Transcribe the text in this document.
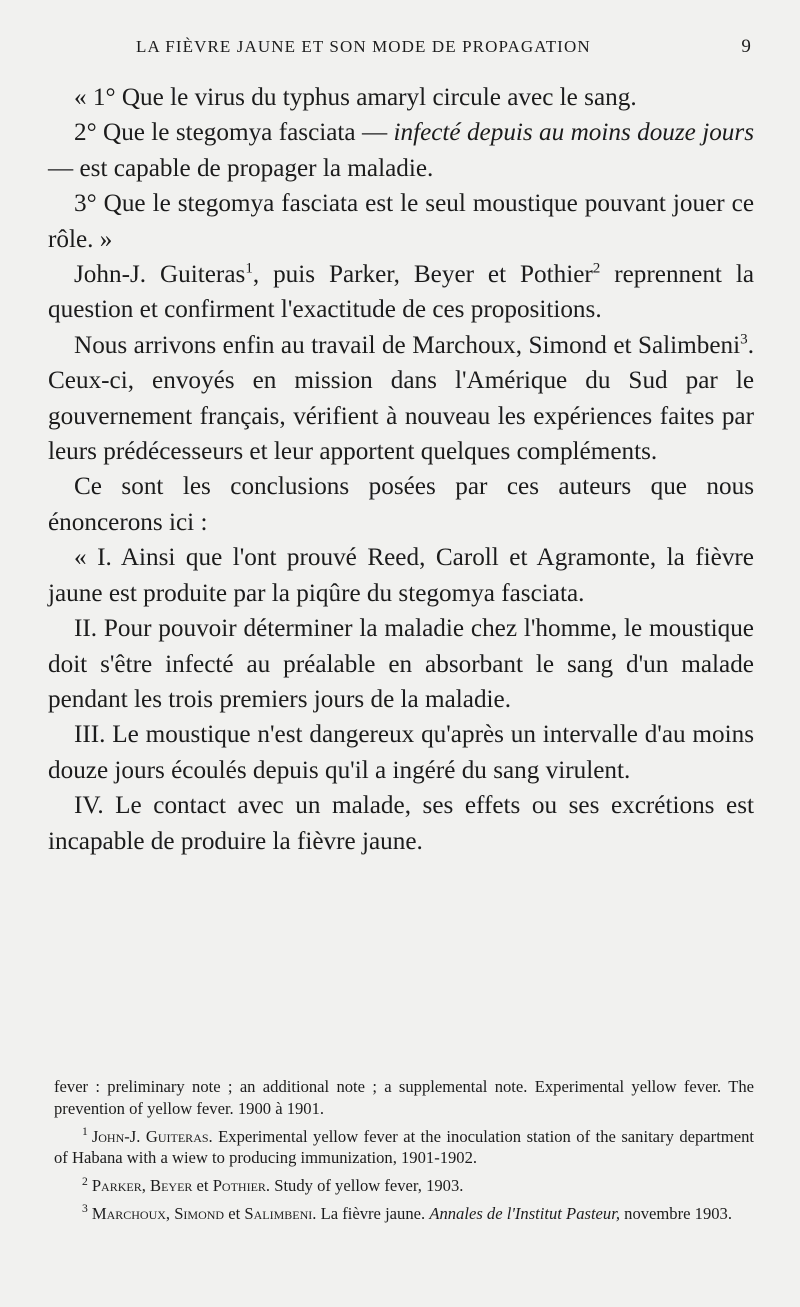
LA FIÈVRE JAUNE ET SON MODE DE PROPAGATION	9

« 1° Que le virus du typhus amaryl circule avec le sang.

2° Que le stegomya fasciata — infecté depuis au moins douze jours — est capable de propager la maladie.

3° Que le stegomya fasciata est le seul moustique pouvant jouer ce rôle. »

John-J. Guiteras$^1$, puis Parker, Beyer et Pothier$^2$ reprennent la question et confirment l'exactitude de ces propositions.

Nous arrivons enfin au travail de Marchoux, Simond et Salimbeni$^3$. Ceux-ci, envoyés en mission dans l'Amérique du Sud par le gouvernement français, vérifient à nouveau les expériences faites par leurs prédécesseurs et leur apportent quelques compléments.

Ce sont les conclusions posées par ces auteurs que nous énoncerons ici :

« I. Ainsi que l'ont prouvé Reed, Caroll et Agramonte, la fièvre jaune est produite par la piqûre du stegomya fasciata.

II. Pour pouvoir déterminer la maladie chez l'homme, le moustique doit s'être infecté au préalable en absorbant le sang d'un malade pendant les trois premiers jours de la maladie.

III. Le moustique n'est dangereux qu'après un intervalle d'au moins douze jours écoulés depuis qu'il a ingéré du sang virulent.

IV. Le contact avec un malade, ses effets ou ses excrétions est incapable de produire la fièvre jaune.

fever : preliminary note ; an additional note ; a supplemental note. Experimental yellow fever. The prevention of yellow fever. 1900 à 1901.

$^1$ John-J. Guiteras. Experimental yellow fever at the inoculation station of the sanitary department of Habana with a wiew to producing immunization, 1901-1902.

$^2$ Parker, Beyer et Pothier. Study of yellow fever, 1903.

$^3$ Marchoux, Simond et Salimbeni. La fièvre jaune. Annales de l'Institut Pasteur, novembre 1903.
